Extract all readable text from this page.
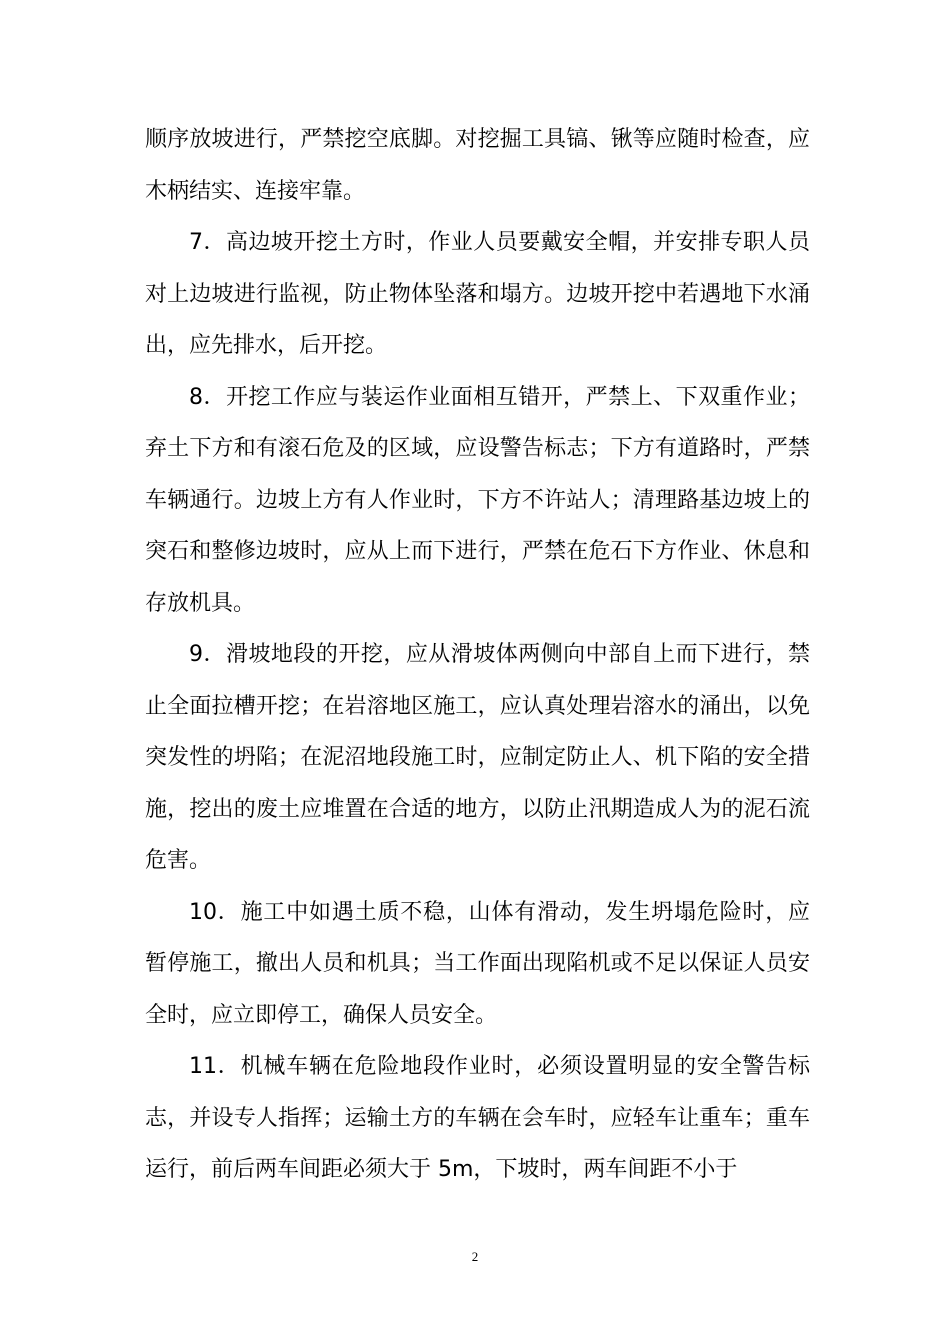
顺序放坡进行，严禁挖空底脚。对挖掘工具镐、锹等应随时检查，应木柄结实、连接牢靠。

7．高边坡开挖土方时，作业人员要戴安全帽，并安排专职人员对上边坡进行监视，防止物体坠落和塌方。边坡开挖中若遇地下水涌出，应先排水，后开挖。

8．开挖工作应与装运作业面相互错开，严禁上、下双重作业；弃土下方和有滚石危及的区域，应设警告标志；下方有道路时，严禁车辆通行。边坡上方有人作业时，下方不许站人；清理路基边坡上的突石和整修边坡时，应从上而下进行，严禁在危石下方作业、休息和存放机具。

9．滑坡地段的开挖，应从滑坡体两侧向中部自上而下进行，禁止全面拉槽开挖；在岩溶地区施工，应认真处理岩溶水的涌出，以免突发性的坍陷；在泥沼地段施工时，应制定防止人、机下陷的安全措施，挖出的废土应堆置在合适的地方，以防止汛期造成人为的泥石流危害。

10．施工中如遇土质不稳，山体有滑动，发生坍塌危险时，应暂停施工，撤出人员和机具；当工作面出现陷机或不足以保证人员安全时，应立即停工，确保人员安全。

11．机械车辆在危险地段作业时，必须设置明显的安全警告标志，并设专人指挥；运输土方的车辆在会车时，应轻车让重车；重车运行，前后两车间距必须大于 5m，下坡时，两车间距不小于

2
